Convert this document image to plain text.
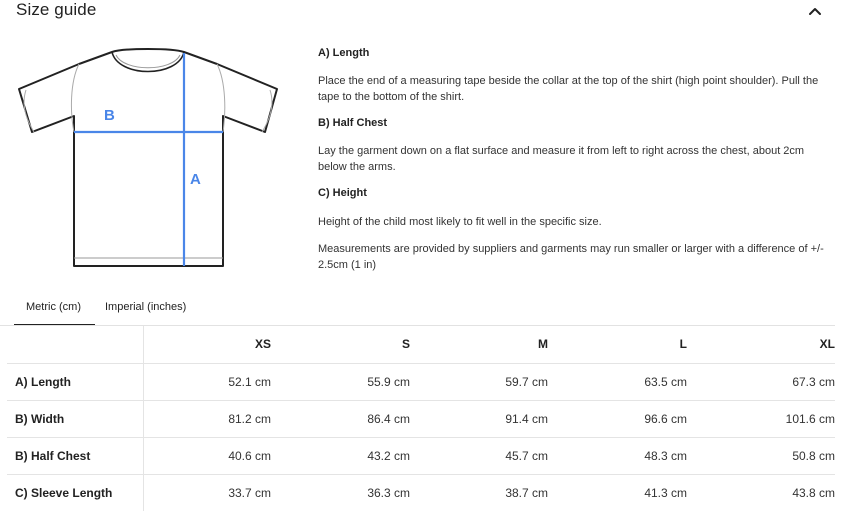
Size guide
B
A
A) Length
Place the end of a measuring tape beside the collar at the top of the shirt (high point shoulder). Pull the tape to the bottom of the shirt.
B) Half Chest
Lay the garment down on a flat surface and measure it from left to right across the chest, about 2cm below the arms.
C) Height
Height of the child most likely to fit well in the specific size.
Measurements are provided by suppliers and garments may run smaller or larger with a difference of +/- 2.5cm (1 in)
Metric (cm) Imperial (inches)
	XS	S	M	L	XL
A) Length	52.1 cm	55.9 cm	59.7 cm	63.5 cm	67.3 cm
B) Width	81.2 cm	86.4 cm	91.4 cm	96.6 cm	101.6 cm
B) Half Chest	40.6 cm	43.2 cm	45.7 cm	48.3 cm	50.8 cm
C) Sleeve Length	33.7 cm	36.3 cm	38.7 cm	41.3 cm	43.8 cm
